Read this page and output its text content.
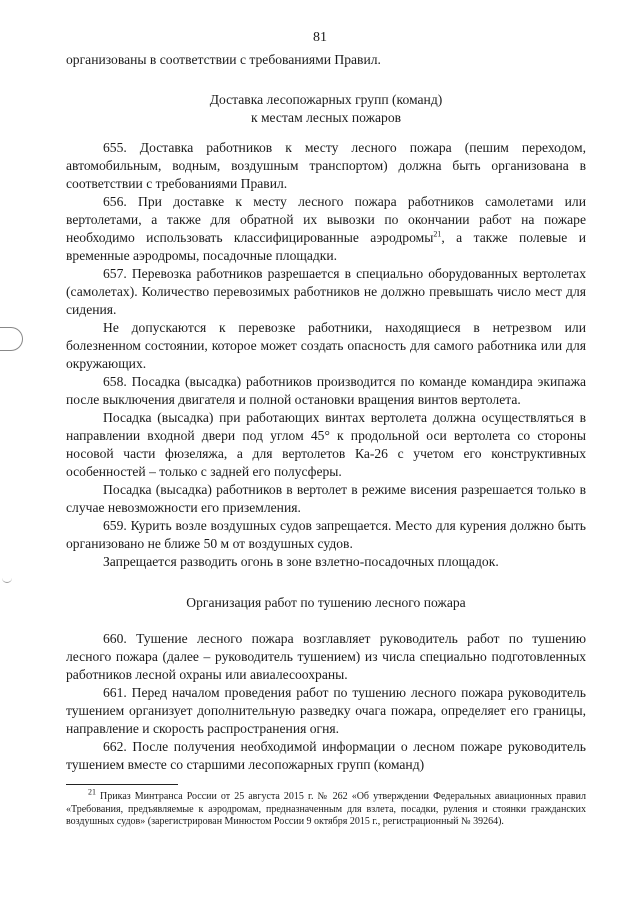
81

организованы в соответствии с требованиями Правил.

Доставка лесопожарных групп (команд)
к местам лесных пожаров

655. Доставка работников к месту лесного пожара (пешим переходом, автомобильным, водным, воздушным транспортом) должна быть организована в соответствии с требованиями Правил.

656. При доставке к месту лесного пожара работников самолетами или вертолетами, а также для обратной их вывозки по окончании работ на пожаре необходимо использовать классифицированные аэродромы$^{21}$, а также полевые и временные аэродромы, посадочные площадки.

657. Перевозка работников разрешается в специально оборудованных вертолетах (самолетах). Количество перевозимых работников не должно превышать число мест для сидения.

Не допускаются к перевозке работники, находящиеся в нетрезвом или болезненном состоянии, которое может создать опасность для самого работника или для окружающих.

658. Посадка (высадка) работников производится по команде командира экипажа после выключения двигателя и полной остановки вращения винтов вертолета.

Посадка (высадка) при работающих винтах вертолета должна осуществляться в направлении входной двери под углом 45° к продольной оси вертолета со стороны носовой части фюзеляжа, а для вертолетов Ка-26 с учетом его конструктивных особенностей – только с задней его полусферы.

Посадка (высадка) работников в вертолет в режиме висения разрешается только в случае невозможности его приземления.

659. Курить возле воздушных судов запрещается. Место для курения должно быть организовано не ближе 50 м от воздушных судов.

Запрещается разводить огонь в зоне взлетно-посадочных площадок.

Организация работ по тушению лесного пожара

660. Тушение лесного пожара возглавляет руководитель работ по тушению лесного пожара (далее – руководитель тушением) из числа специально подготовленных работников лесной охраны или авиалесоохраны.

661. Перед началом проведения работ по тушению лесного пожара руководитель тушением организует дополнительную разведку очага пожара, определяет его границы, направление и скорость распространения огня.

662. После получения необходимой информации о лесном пожаре руководитель тушением вместе со старшими лесопожарных групп (команд)

$^{21}$ Приказ Минтранса России от 25 августа 2015 г. № 262 «Об утверждении Федеральных авиационных правил «Требования, предъявляемые к аэродромам, предназначенным для взлета, посадки, руления и стоянки гражданских воздушных судов» (зарегистрирован Минюстом России 9 октября 2015 г., регистрационный № 39264).
